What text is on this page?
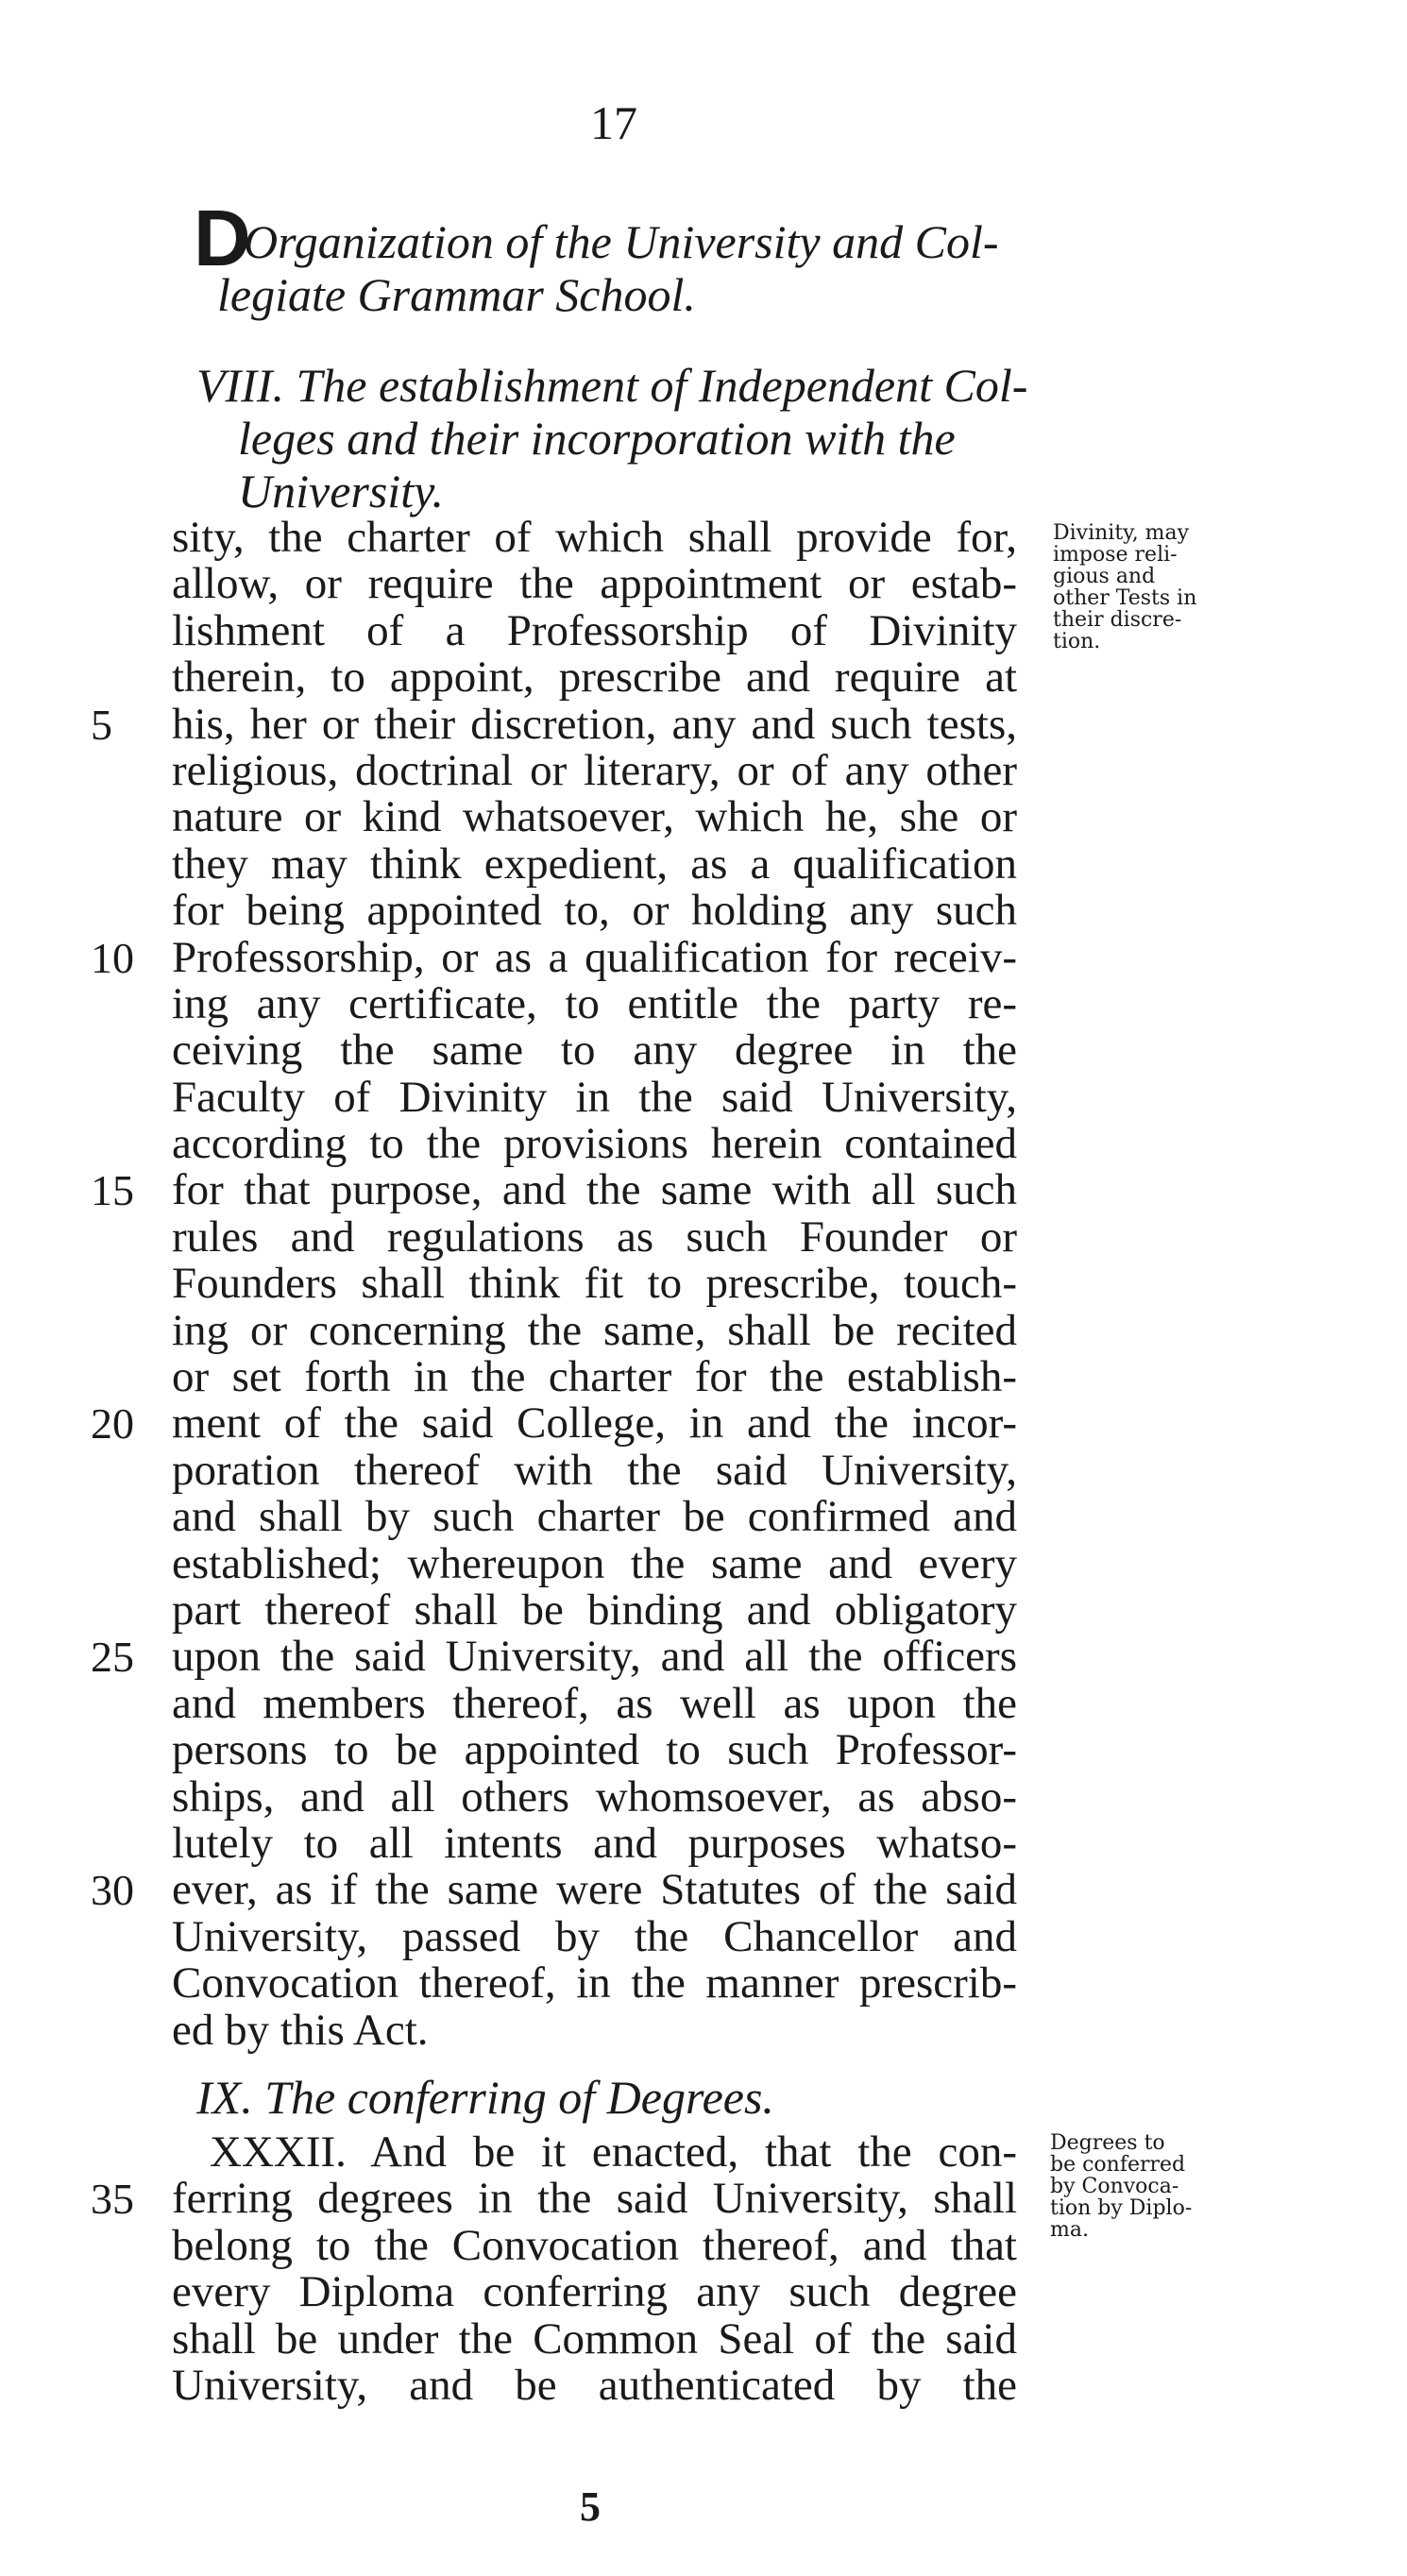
17
D
Organization of the University and Col-
legiate Grammar School.
VIII. The establishment of Independent Col-
leges and their incorporation with the
University.
sity, the charter of which shall provide for,
allow, or require the appointment or estab-
lishment of a Professorship of Divinity
therein, to appoint, prescribe and require at
5	his, her or their discretion, any and such tests,
religious, doctrinal or literary, or of any other
nature or kind whatsoever, which he, she or
they may think expedient, as a qualification
for being appointed to, or holding any such
10 Professorship, or as a qualification for receiv-
ing any certificate, to entitle the party re-
ceiving the same to any degree in the
Faculty of Divinity in the said University,
according to the provisions herein contained
15 for that purpose, and the same with all such
rules and regulations as such Founder or
Founders shall think fit to prescribe, touch-
ing or concerning the same, shall be recited
or set forth in the charter for the establish-
20 ment of the said College, in and the incor-
poration thereof with the said University,
and shall by such charter be confirmed and
established; whereupon the same and every
part thereof shall be binding and obligatory
25 upon the said University, and all the officers
and members thereof, as well as upon the
persons to be appointed to such Professor-
ships, and all others whomsoever, as abso-
lutely to all intents and purposes whatso-
30 ever, as if the same were Statutes of the said
University, passed by the Chancellor and
Convocation thereof, in the manner prescrib-
ed by this Act.
Divinity, may
impose reli-
gious and
other Tests in
their discre-
tion.
IX. The conferring of Degrees.
XXXII. And be it enacted, that the con-
35 ferring degrees in the said University, shall
belong to the Convocation thereof, and that
every Diploma conferring any such degree
shall be under the Common Seal of the said
University, and be authenticated by the
Degrees to
be conferred
by Convoca-
tion by Diplo-
ma.
5
